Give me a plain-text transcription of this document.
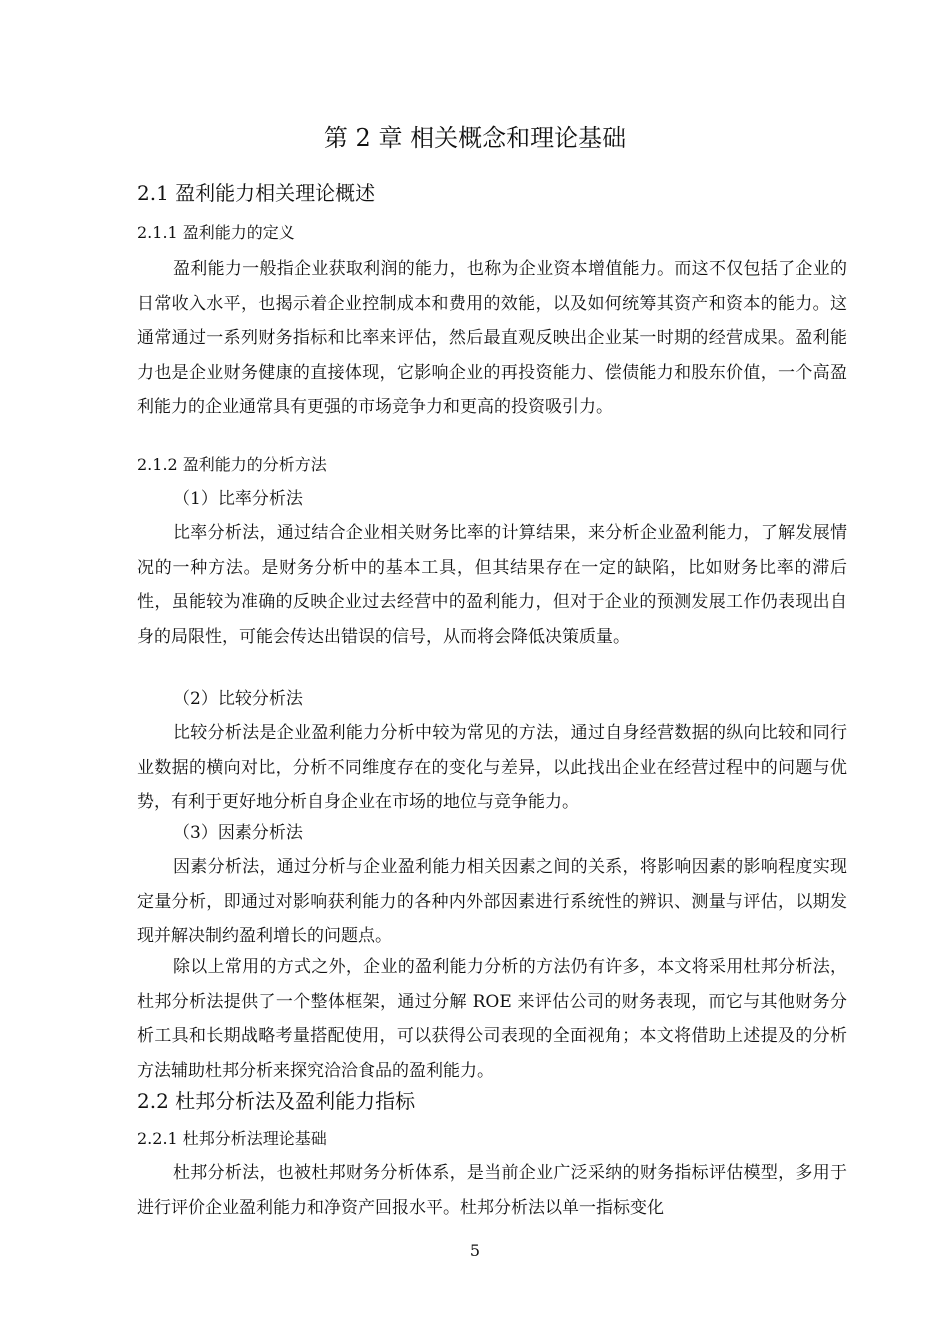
第 2 章 相关概念和理论基础
2.1 盈利能力相关理论概述
2.1.1 盈利能力的定义

盈利能力一般指企业获取利润的能力，也称为企业资本增值能力。而这不仅包括了企业的日常收入水平，也揭示着企业控制成本和费用的效能，以及如何统筹其资产和资本的能力。这通常通过一系列财务指标和比率来评估，然后最直观反映出企业某一时期的经营成果。盈利能力也是企业财务健康的直接体现，它影响企业的再投资能力、偿债能力和股东价值，一个高盈利能力的企业通常具有更强的市场竞争力和更高的投资吸引力。

2.1.2 盈利能力的分析方法

（1）比率分析法

比率分析法，通过结合企业相关财务比率的计算结果，来分析企业盈利能力，了解发展情况的一种方法。是财务分析中的基本工具，但其结果存在一定的缺陷，比如财务比率的滞后性，虽能较为准确的反映企业过去经营中的盈利能力，但对于企业的预测发展工作仍表现出自身的局限性，可能会传达出错误的信号，从而将会降低决策质量。

（2）比较分析法

比较分析法是企业盈利能力分析中较为常见的方法，通过自身经营数据的纵向比较和同行业数据的横向对比，分析不同维度存在的变化与差异，以此找出企业在经营过程中的问题与优势，有利于更好地分析自身企业在市场的地位与竞争能力。

（3）因素分析法

因素分析法，通过分析与企业盈利能力相关因素之间的关系，将影响因素的影响程度实现定量分析，即通过对影响获利能力的各种内外部因素进行系统性的辨识、测量与评估，以期发现并解决制约盈利增长的问题点。

除以上常用的方式之外，企业的盈利能力分析的方法仍有许多，本文将采用杜邦分析法，杜邦分析法提供了一个整体框架，通过分解 ROE 来评估公司的财务表现，而它与其他财务分析工具和长期战略考量搭配使用，可以获得公司表现的全面视角；本文将借助上述提及的分析方法辅助杜邦分析来探究洽洽食品的盈利能力。

2.2 杜邦分析法及盈利能力指标
2.2.1 杜邦分析法理论基础

杜邦分析法，也被杜邦财务分析体系，是当前企业广泛采纳的财务指标评估模型，多用于进行评价企业盈利能力和净资产回报水平。杜邦分析法以单一指标变化

5
